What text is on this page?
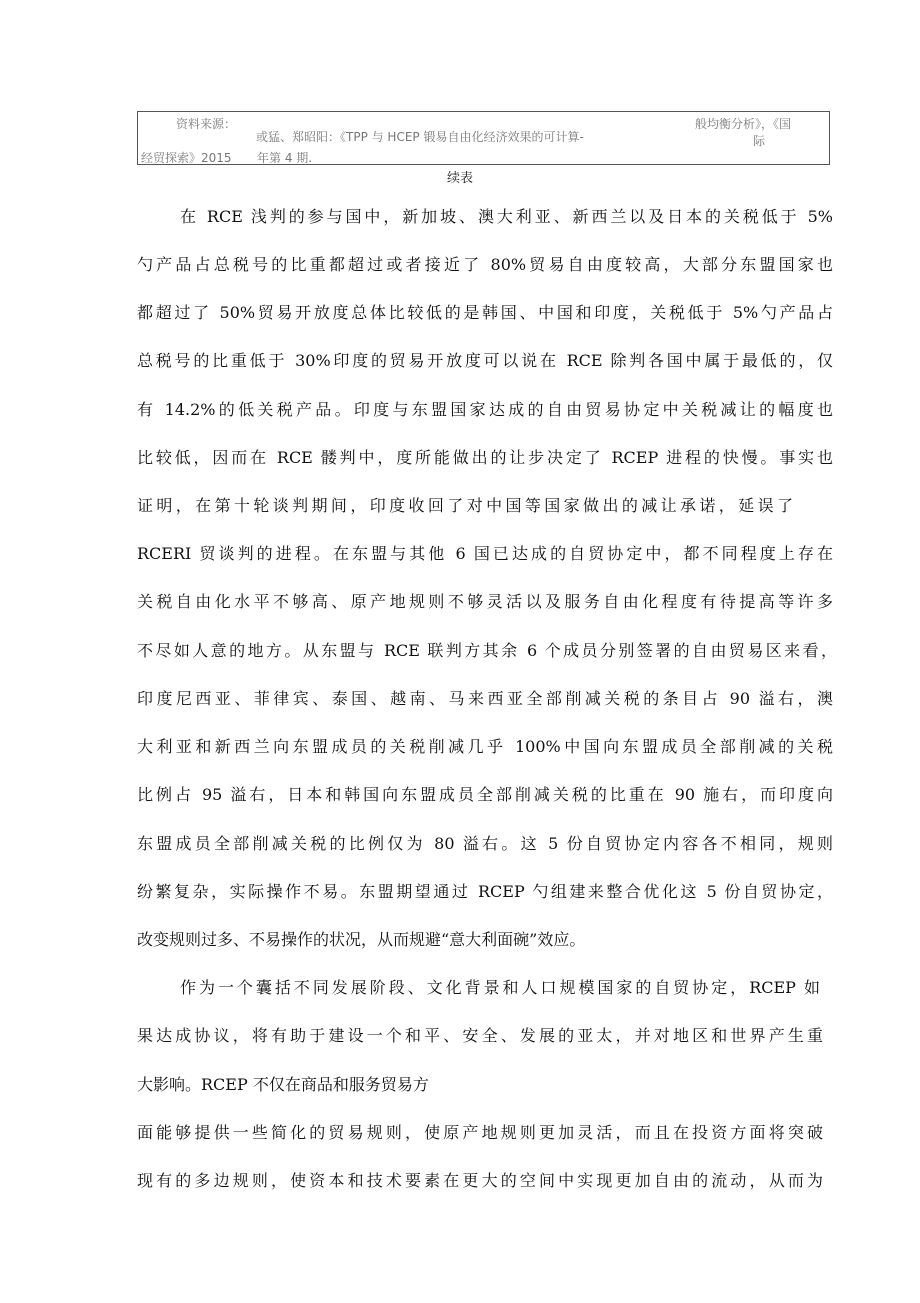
资料来源：
或猛、郑昭阳：《TPP 与 HCEP 锻易自由化经济效果的可计算-
般均衡分析》，《国
际
经贸探索》2015 年第 4 期.
续表
在 RCE 浅判的参与国中，新加坡、澳大利亚、新西兰以及日本的关税低于 5%
勺产品占总税号的比重都超过或者接近了 80%贸易自由度较高，大部分东盟国家也
都超过了 50%贸易开放度总体比较低的是韩国、中国和印度，关税低于 5%勺产品占
总税号的比重低于 30%印度的贸易开放度可以说在 RCE 除判各国中属于最低的，仅
有 14.2%的低关税产品。印度与东盟国家达成的自由贸易协定中关税减让的幅度也
比较低，因而在 RCE 髅判中，度所能做出的让步决定了 RCEP 进程的快慢。事实也
证明，在第十轮谈判期间，印度收回了对中国等国家做出的减让承诺，延误了
RCERI 贸谈判的进程。在东盟与其他 6 国已达成的自贸协定中，都不同程度上存在
关税自由化水平不够高、原产地规则不够灵活以及服务自由化程度有待提高等许多
不尽如人意的地方。从东盟与 RCE 联判方其余 6 个成员分别签署的自由贸易区来看，
印度尼西亚、菲律宾、泰国、越南、马来西亚全部削减关税的条目占 90 溢右，澳
大利亚和新西兰向东盟成员的关税削减几乎 100%中国向东盟成员全部削减的关税
比例占 95 溢右，日本和韩国向东盟成员全部削减关税的比重在 90 施右，而印度向
东盟成员全部削减关税的比例仅为 80 溢右。这 5 份自贸协定内容各不相同，规则
纷繁复杂，实际操作不易。东盟期望通过 RCEP 勺组建来整合优化这 5 份自贸协定，
改变规则过多、不易操作的状况，从而规避“意大利面碗”效应。
作为一个囊括不同发展阶段、文化背景和人口规模国家的自贸协定，RCEP 如
果达成协议，将有助于建设一个和平、安全、发展的亚太，并对地区和世界产生重
大影响。RCEP 不仅在商品和服务贸易方
面能够提供一些简化的贸易规则，使原产地规则更加灵活，而且在投资方面将突破
现有的多边规则，使资本和技术要素在更大的空间中实现更加自由的流动，从而为
